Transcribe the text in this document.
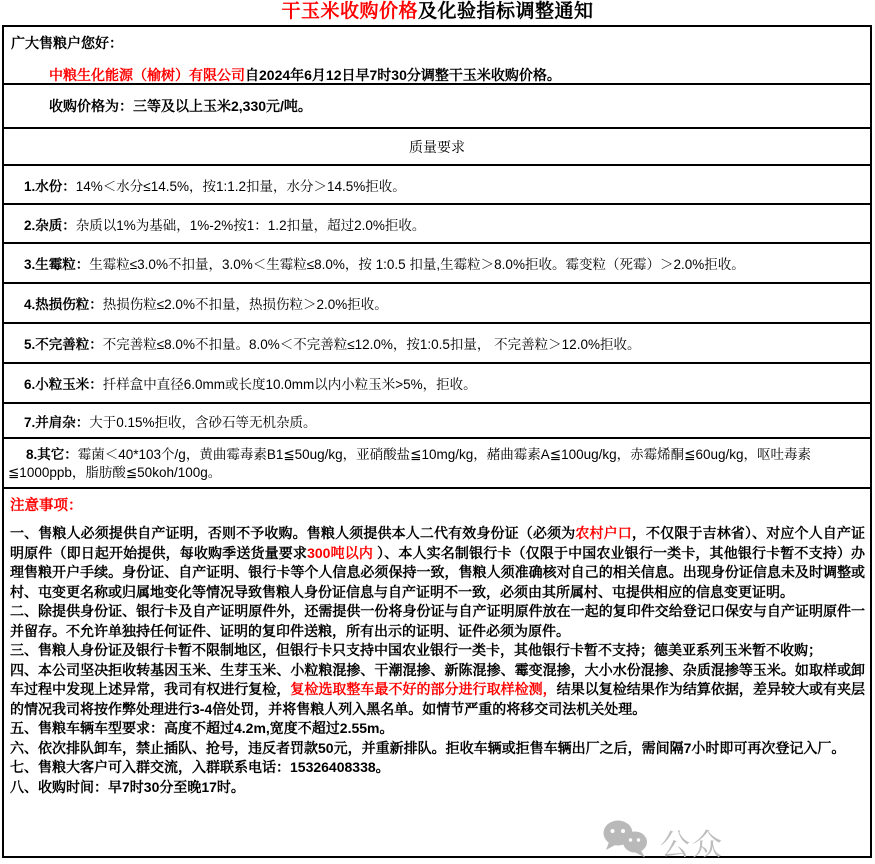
干玉米收购价格及化验指标调整通知
广大售粮户您好：
中粮生化能源（榆树）有限公司自2024年6月12日早7时30分调整干玉米收购价格。
收购价格为：三等及以上玉米2,330元/吨。
质量要求
1.水份：14%＜水分≤14.5%，按1:1.2扣量，水分＞14.5%拒收。
2.杂质：杂质以1%为基础，1%-2%按1：1.2扣量，超过2.0%拒收。
3.生霉粒：生霉粒≤3.0%不扣量，3.0%＜生霉粒≤8.0%，按 1:0.5 扣量,生霉粒＞8.0%拒收。霉变粒（死霉）＞2.0%拒收。
4.热损伤粒：热损伤粒≤2.0%不扣量，热损伤粒＞2.0%拒收。
5.不完善粒：不完善粒≤8.0%不扣量。8.0%＜不完善粒≤12.0%，按1:0.5扣量， 不完善粒＞12.0%拒收。
6.小粒玉米：扦样盒中直径6.0mm或长度10.0mm以内小粒玉米>5%，拒收。
7.并肩杂：大于0.15%拒收，含砂石等无机杂质。
8.其它：霉菌＜40*103个/g，黄曲霉毒素B1≦50ug/kg，亚硝酸盐≦10mg/kg，赭曲霉素A≦100ug/kg，赤霉烯酮≦60ug/kg，呕吐毒素≦1000ppb，脂肪酸≦50koh/100g。
注意事项：
一、售粮人必须提供自产证明，否则不予收购。售粮人须提供本人二代有效身份证（必须为农村户口，不仅限于吉林省）、对应个人自产证明原件（即日起开始提供，每收购季送货量要求300吨以内 ）、本人实名制银行卡（仅限于中国农业银行一类卡，其他银行卡暂不支持）办理售粮开户手续。身份证、自产证明、银行卡等个人信息必须保持一致，售粮人须准确核对自己的相关信息。出现身份证信息未及时调整或村、屯变更名称或归属地变化等情况导致售粮人身份证信息与自产证明不一致，必须由其所属村、屯提供相应的信息变更证明。
二、除提供身份证、银行卡及自产证明原件外，还需提供一份将身份证与自产证明原件放在一起的复印件交给登记口保安与自产证明原件一并留存。不允许单独持任何证件、证明的复印件送粮，所有出示的证明、证件必须为原件。
三、售粮人身份证及银行卡暂不限制地区，但银行卡只支持中国农业银行一类卡，其他银行卡暂不支持；德美亚系列玉米暂不收购；
四、本公司坚决拒收转基因玉米、生芽玉米、小粒粮混掺、干潮混掺、新陈混掺、霉变混掺，大小水份混掺、杂质混掺等玉米。如取样或卸车过程中发现上述异常，我司有权进行复检，复检选取整车最不好的部分进行取样检测，结果以复检结果作为结算依据，差异较大或有夹层的情况我司将按作弊处理进行3-4倍处罚，并将售粮人列入黑名单。如情节严重的将移交司法机关处理。
五、售粮车辆车型要求：高度不超过4.2m,宽度不超过2.55m。
六、依次排队卸车，禁止插队、抢号，违反者罚款50元，并重新排队。拒收车辆或拒售车辆出厂之后，需间隔7小时即可再次登记入厂。
七、售粮大客户可入群交流，入群联系电话：15326408338。
八、收购时间：早7时30分至晚17时。
公众
